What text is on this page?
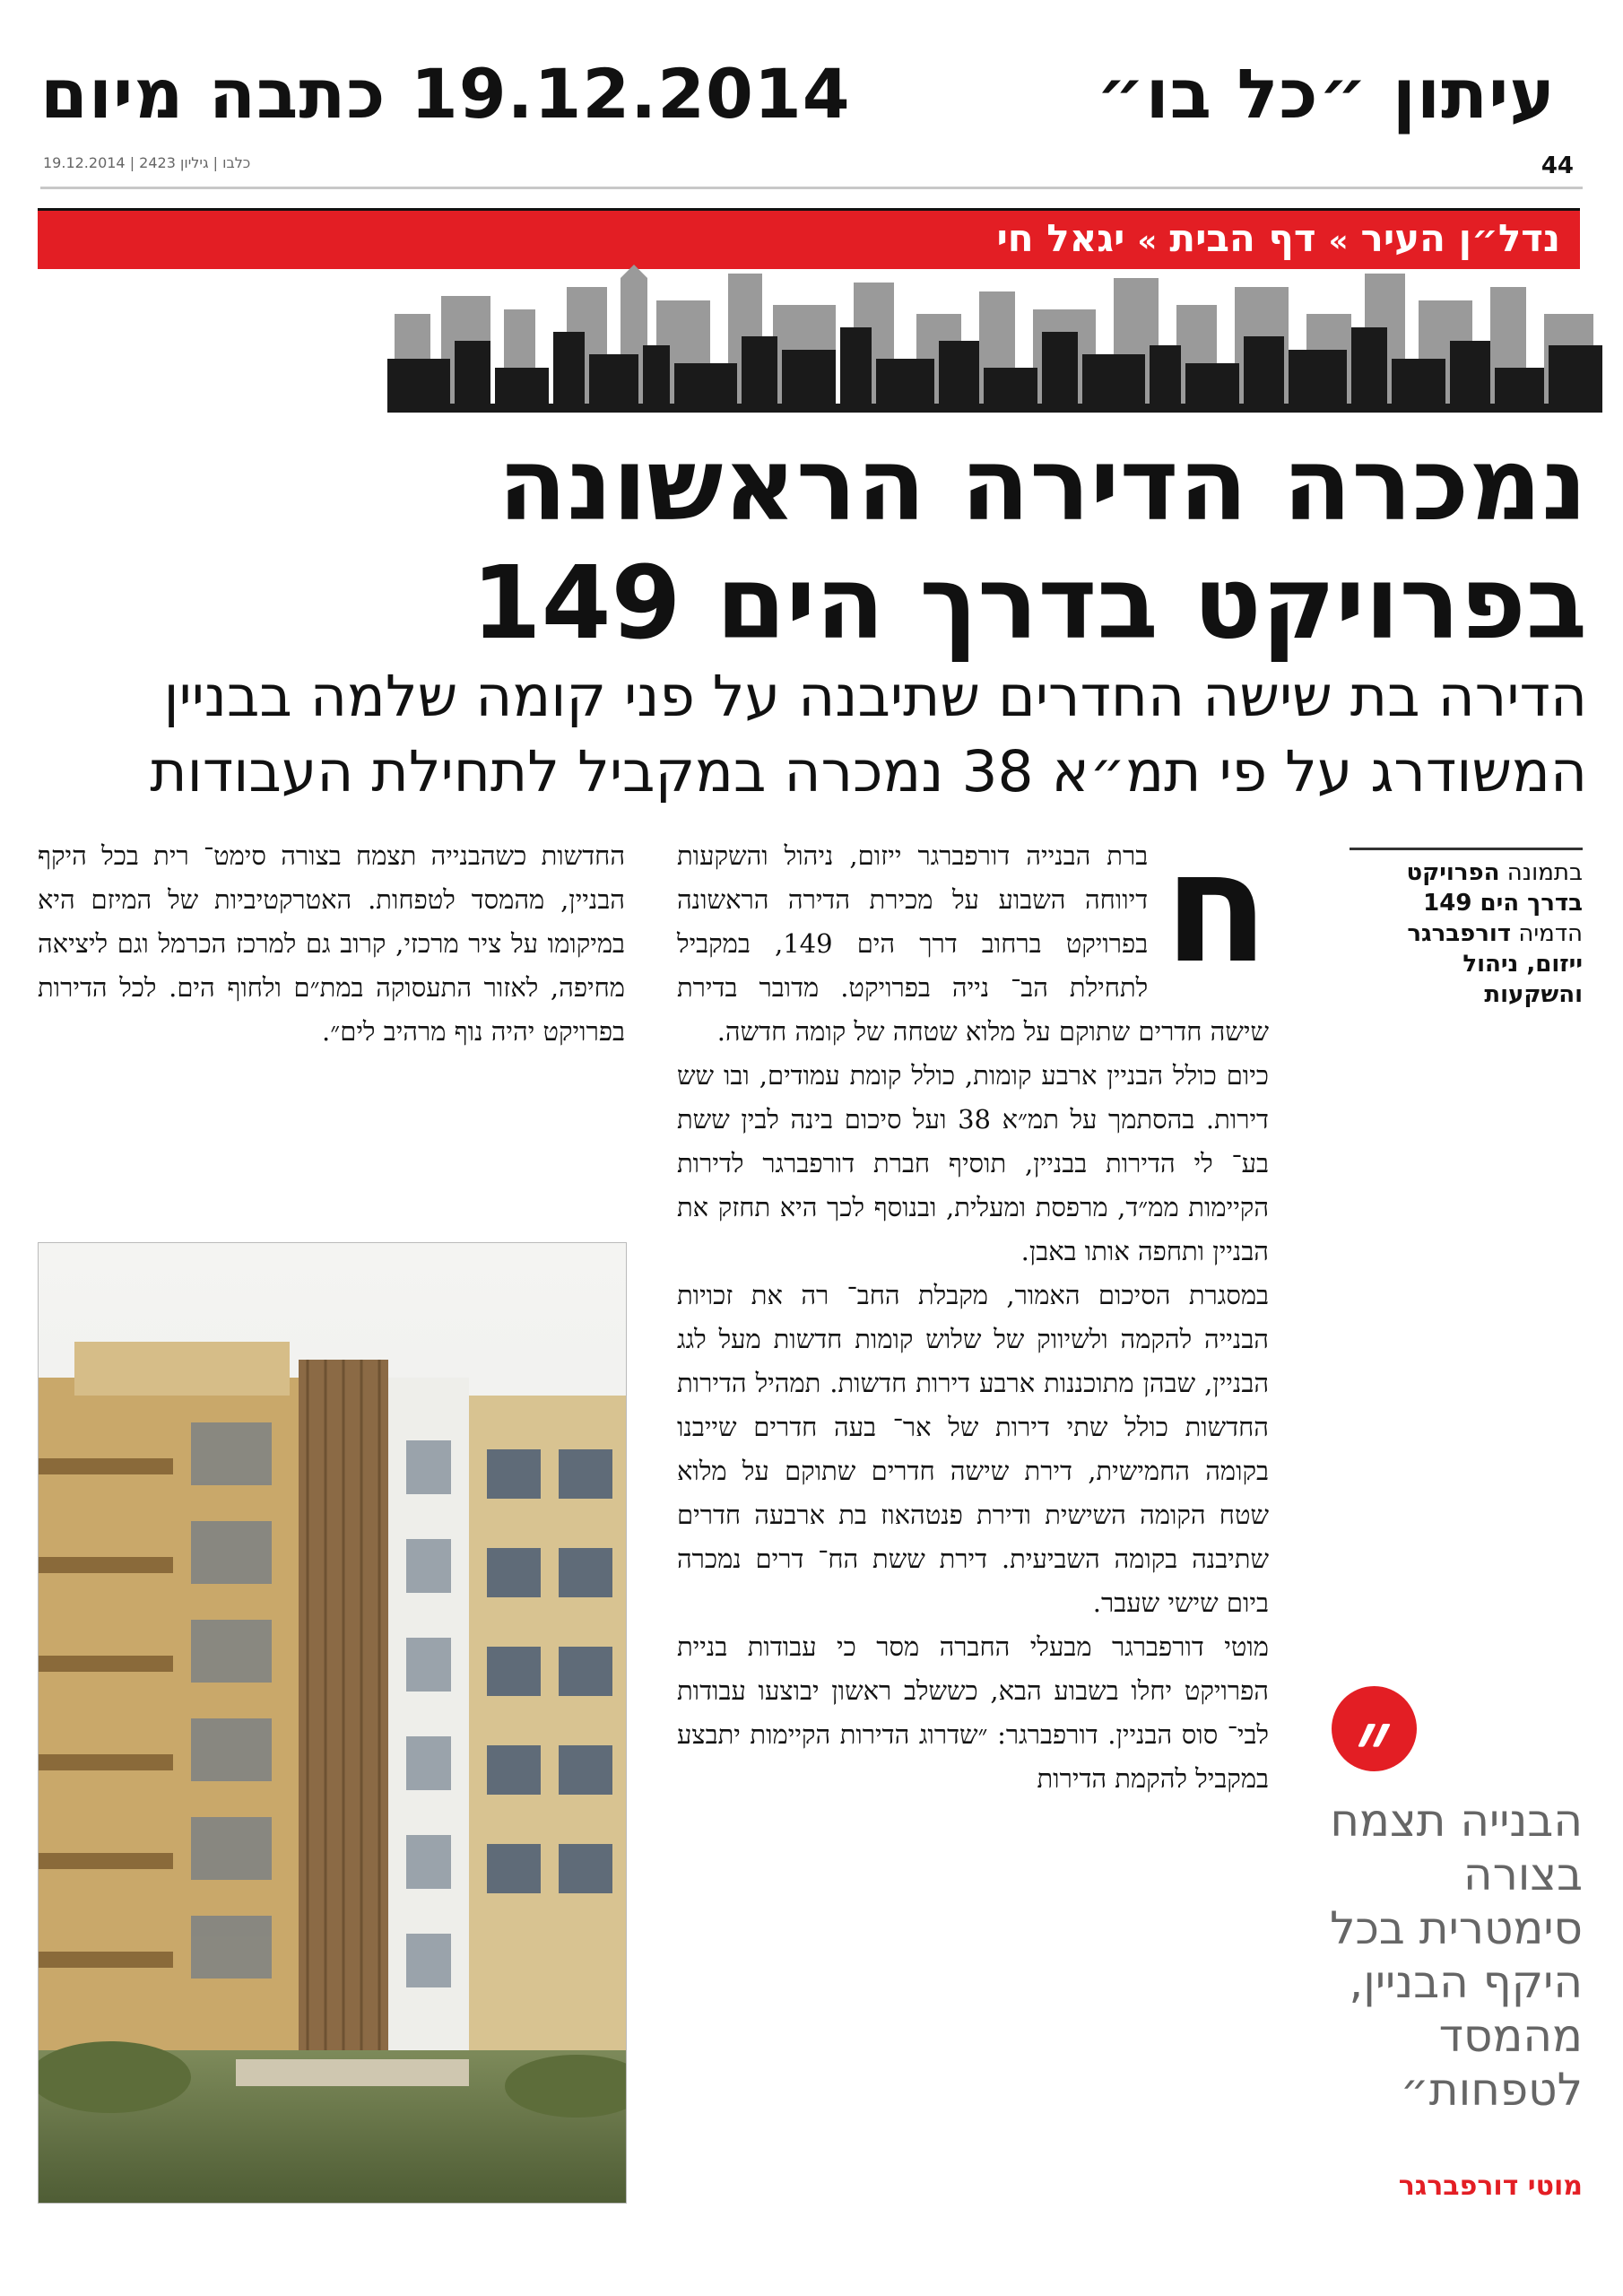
עיתון ״כל בו״
19.12.2014 כתבה מיום
44
כלבו | גיליון 2423 | 19.12.2014
נדל״ן העיר»דף הבית»יגאל חי
נמכרה הדירה הראשונה
בפרויקט בדרך הים 149
הדירה בת שישה החדרים שתיבנה על פני קומה שלמה בבניין
המשודרג על פי תמ״א 38 נמכרה במקביל לתחילת העבודות
בתמונה הפרויקט
בדרך הים 149
הדמיה דורפברגר
ייזום, ניהול
והשקעות
ח

ברת הבנייה דורפברגר ייזום, ניהול והשקעות דיווחה השבוע על מכירת הדירה הראשונה בפרויקט ברחוב דרך הים 149, במקביל לתחילת הב־ נייה בפרויקט. מדובר בדירת שישה חדרים שתוקם על מלוא שטחה של קומה חדשה.

כיום כולל הבניין ארבע קומות, כולל קומת עמודים, ובו שש דירות. בהסתמך על תמ״א 38 ועל סיכום בינה לבין ששת בע־ לי הדירות בבניין, תוסיף חברת דורפברגר לדירות הקיימות ממ״ד, מרפסת ומעלית, ובנוסף לכך היא תחזק את הבניין ותחפה אותו באבן.

במסגרת הסיכום האמור, מקבלת החב־ רה את זכויות הבנייה להקמה ולשיווק של שלוש קומות חדשות מעל לגג הבניין, שבהן מתוכננות ארבע דירות חדשות. תמהיל הדירות החדשות כולל שתי דירות של אר־ בעה חדרים שייבנו בקומה החמישית, דירת שישה חדרים שתוקם על מלוא שטח הקומה השישית ודירת פנטהאוז בת ארבעה חדרים שתיבנה בקומה השביעית. דירת ששת הח־ דרים נמכרה ביום שישי שעבר.

מוטי דורפברגר מבעלי החברה מסר כי עבודות בניית הפרויקט יחלו בשבוע הבא, כששלב ראשון יבוצעו עבודות לבי־ סוס הבניין. דורפברגר: ״שדרוג הדירות הקיימות יתבצע במקביל להקמת הדירות

החדשות כשהבנייה תצמח בצורה סימט־ רית בכל היקף הבניין, מהמסד לטפחות. האטרקטיביות של המיזם היא במיקומו על ציר מרכזי, קרוב גם למרכז הכרמל וגם ליציאה מחיפה, לאזור התעסוקה במת״ם ולחוף הים. לכל הדירות בפרויקט יהיה נוף מרהיב לים״.

״
הבנייה תצמח בצורה סימטרית בכל היקף הבניין, מהמסד לטפחות״
מוטי דורפברגר
